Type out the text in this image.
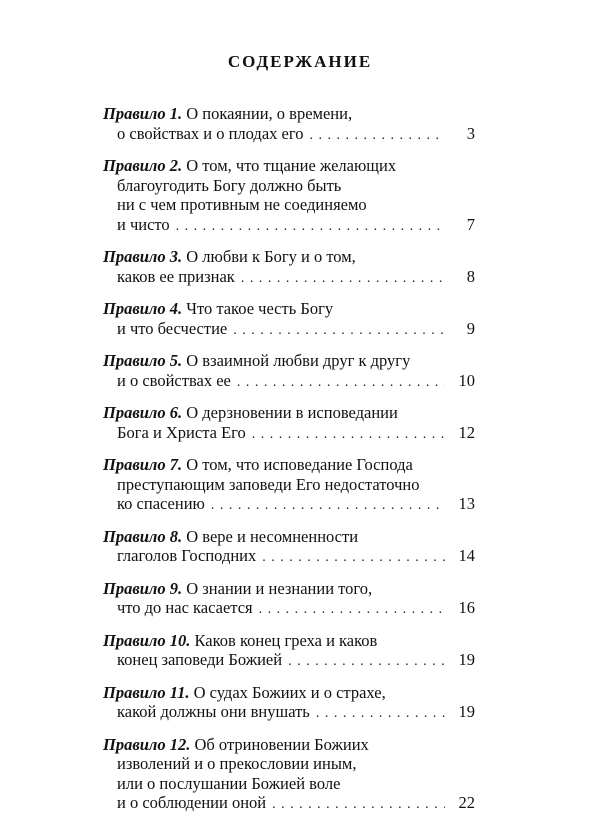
СОДЕРЖАНИЕ
Правило 1. О покаянии, о времени,
о свойствах и о плодах его . . .	3
Правило 2. О том, что тщание желающих
благоугодить Богу должно быть
ни с чем противным не соединяемо
и чисто . . .	7
Правило 3. О любви к Богу и о том,
каков ее признак . . .	8
Правило 4. Что такое честь Богу
и что бесчестие . . .	9
Правило 5. О взаимной любви друг к другу
и о свойствах ее . . .	10
Правило 6. О дерзновении в исповедании
Бога и Христа Его . . .	12
Правило 7. О том, что исповедание Господа
преступающим заповеди Его недостаточно
ко спасению . . .	13
Правило 8. О вере и несомненности
глаголов Господних . . .	14
Правило 9. О знании и незнании того,
что до нас касается . . .	16
Правило 10. Каков конец греха и каков
конец заповеди Божией . . .	19
Правило 11. О судах Божиих и о страхе,
какой должны они внушать . . .	19
Правило 12. Об отриновении Божиих
изволений и о прекословии иным,
или о послушании Божией воле
и о соблюдении оной . . .	22
